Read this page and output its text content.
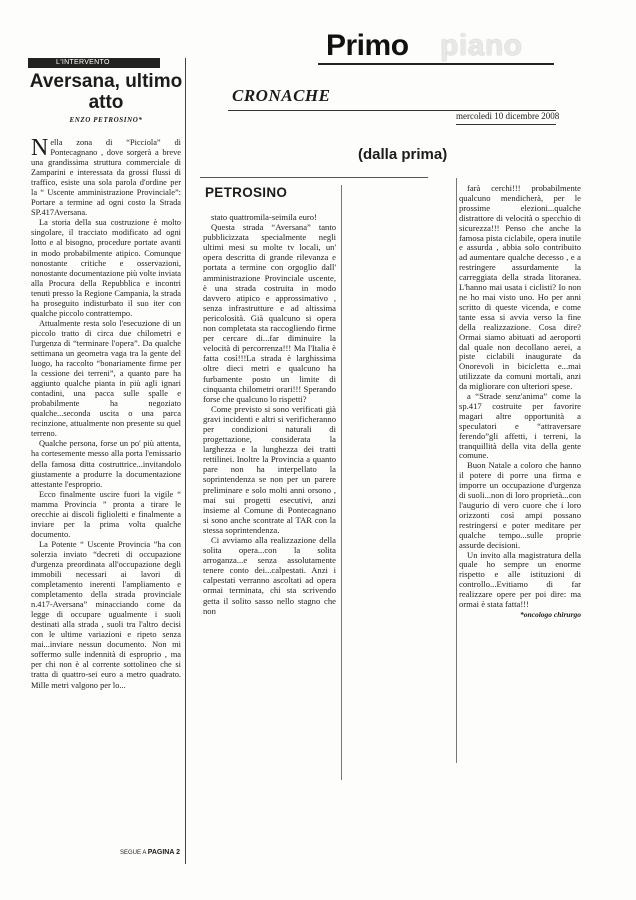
Primo piano
CRONACHE
mercoledì 10 dicembre 2008
(dalla prima)
L'INTERVENTO
Aversana, ultimo atto
ENZO PETROSINO*

Nella zona di “Picciola” di Pontecagnano , dove sorgerà a breve una grandissima struttura commerciale di Zamparini e interessata da grossi flussi di traffico, esiste una sola parola d'ordine per la “ Uscente amministrazione Provinciale”: Portare a termine ad ogni costo la Strada SP.417Aversana.

La storia della sua costruzione è molto singolare, il tracciato modificato ad ogni lotto e al bisogno, procedure portate avanti in modo probabilmente atipico. Comunque nonostante critiche e osservazioni, nonostante documentazione più volte inviata alla Procura della Repubblica e incontri tenuti presso la Regione Campania, la strada ha proseguito indisturbato il suo iter con qualche piccolo contrattempo.

Attualmente resta solo l'esecuzione di un piccolo tratto di circa due chilometri e l'urgenza di “terminare l'opera”. Da qualche settimana un geometra vaga tra la gente del luogo, ha raccolto “bonariamente firme per la cessione dei terreni”, a quanto pare ha aggiunto qualche pianta in più agli ignari contadini, una pacca sulle spalle e probabilmente ha negoziato qualche...seconda uscita o una parca recinzione, attualmente non presente su quel terreno.

Qualche persona, forse un po' più attenta, ha cortesemente messo alla porta l'emissario della famosa ditta costruttrice...invitandolo giustamente a produrre la documentazione attestante l'esproprio.

Ecco finalmente uscire fuori la vigile “ mamma Provincia ” pronta a tirare le orecchie ai discoli figlioletti e finalmente a inviare per la prima volta qualche documento.

La Potente “ Uscente Provincia ”ha con solerzia inviato “decreti di occupazione d'urgenza preordinata all'occupazione degli immobili necessari ai lavori di completamento inerenti l'ampliamento e completamento della strada provinciale n.417-Aversana” minacciando come da legge di occupare ugualmente i suoli destinati alla strada , suoli tra l'altro decisi con le ultime variazioni e ripeto senza mai...inviare nessun documento. Non mi soffermo sulle indennità di esproprio , ma per chi non è al corrente sottolineo che si tratta di quattro-sei euro a metro quadrato. Mille metri valgono per lo...

SEGUE A PAGINA 2
PETROSINO

stato quattromila-seimila euro!

Questa strada “Aversana” tanto pubblicizzata specialmente negli ultimi mesi su molte tv locali, un' opera descritta di grande rilevanza e portata a termine con orgoglio dall' amministrazione Provinciale uscente, è una strada costruita in modo davvero atipico e approssimativo , senza infrastrutture e ad altissima pericolosità. Già qualcuno si opera non completata sta raccogliendo firme per cercare di...far diminuire la velocità di percorrenza!!! Ma l'Italia è fatta così!!!La strada è larghissima oltre dieci metri e qualcuno ha furbamente posto un limite di cinquanta chilometri orari!!! Sperando forse che qualcuno lo rispetti?

Come previsto si sono verificati già gravi incidenti e altri si verificheranno per condizioni naturali di progettazione, considerata la larghezza e la lunghezza dei tratti rettilinei. Inoltre la Provincia a quanto pare non ha interpellato la soprintendenza se non per un parere preliminare e solo molti anni orsono , mai sui progetti esecutivi, anzi insieme al Comune di Pontecagnano si sono anche scontrate al TAR con la stessa soprintendenza.

Ci avviamo alla realizzazione della solita opera...con la solita arroganza...e senza assolutamente tenere conto dei...calpestati. Anzi i calpestati verranno ascoltati ad opera ormai terminata, chi sta scrivendo getta il solito sasso nello stagno che non

farà cerchi!!! probabilmente qualcuno mendicherà, per le prossime elezioni...qualche distrattore di velocità o specchio di sicurezza!!! Penso che anche la famosa pista ciclabile, opera inutile e assurda , abbia solo contribuito ad aumentare qualche decesso , e a restringere assurdamente la carreggiata della strada litoranea. L'hanno mai usata i ciclisti? Io non ne ho mai visto uno. Ho per anni scritto di queste vicenda, e come tante essa si avvia verso la fine della realizzazione. Cosa dire? Ormai siamo abituati ad aeroporti dal quale non decollano aerei, a piste ciclabili inaugurate da Onorevoli in bicicletta e...mai utilizzate da comuni mortali, anzi da migliorare con ulteriori spese.

a “Strade senz'anima” come la sp.417 costruite per favorire magari altre opportunità a speculatori e “attraversare ferendo”gli affetti, i terreni, la tranquillità della vita della gente comune.

Buon Natale a coloro che hanno il potere di porre una firma e imporre un occupazione d'urgenza di suoli...non di loro proprietà...con l'augurio di vero cuore che i loro orizzonti così ampi possano restringersi e poter meditare per qualche tempo...sulle proprie assurde decisioni.

Un invito alla magistratura della quale ho sempre un enorme rispetto e alle istituzioni di controllo...Evitiamo di far realizzare opere per poi dire: ma ormai è stata fatta!!!

*oncologo chirurgo
